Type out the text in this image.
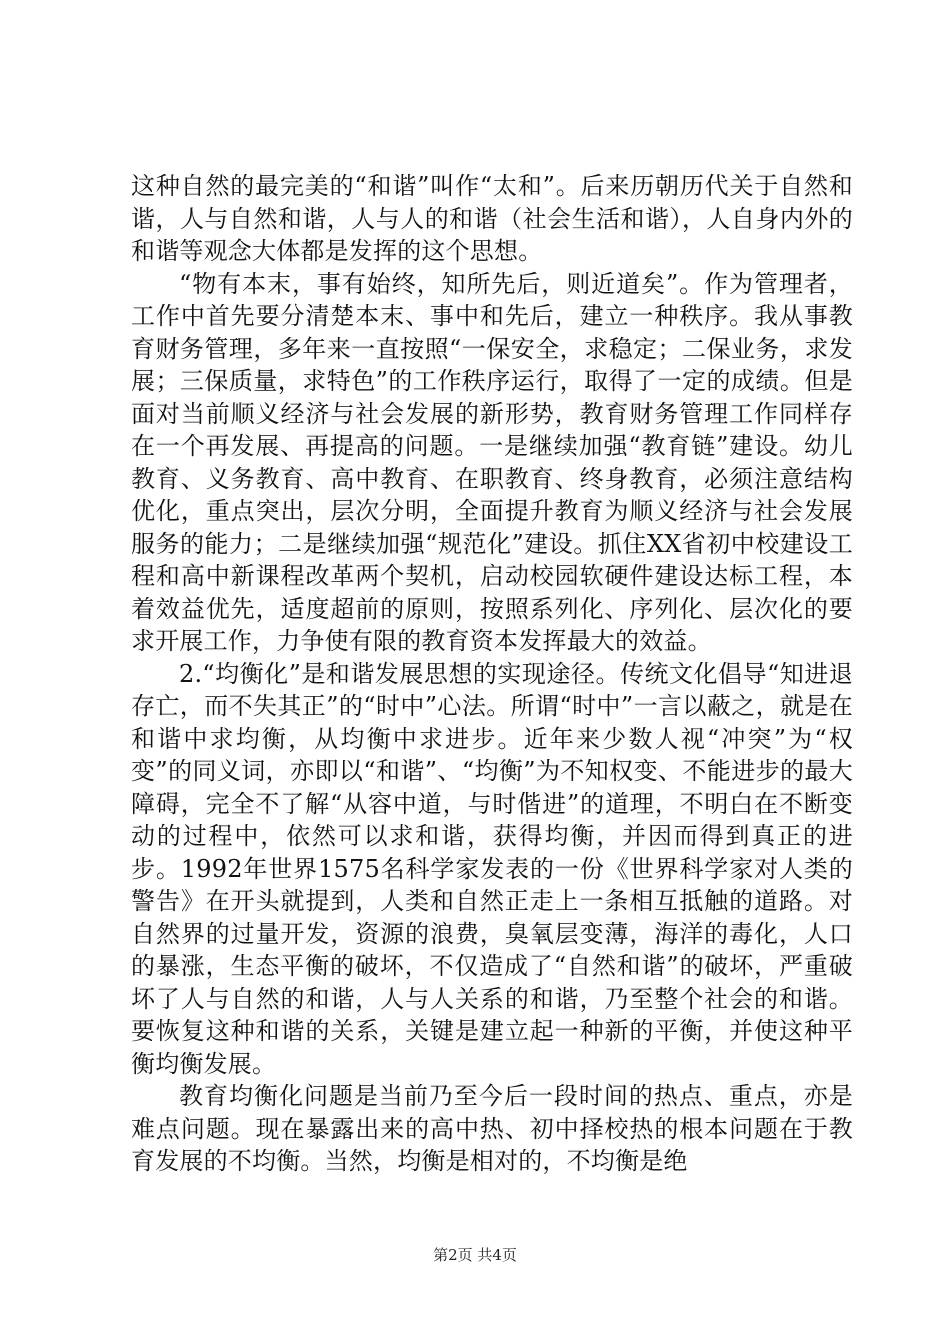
这种自然的最完美的“和谐”叫作“太和”。后来历朝历代关于自然和谐，人与自然和谐，人与人的和谐（社会生活和谐），人自身内外的和谐等观念大体都是发挥的这个思想。

“物有本末，事有始终，知所先后，则近道矣”。作为管理者，工作中首先要分清楚本末、事中和先后，建立一种秩序。我从事教育财务管理，多年来一直按照“一保安全，求稳定；二保业务，求发展；三保质量，求特色”的工作秩序运行，取得了一定的成绩。但是面对当前顺义经济与社会发展的新形势，教育财务管理工作同样存在一个再发展、再提高的问题。一是继续加强“教育链”建设。幼儿教育、义务教育、高中教育、在职教育、终身教育，必须注意结构优化，重点突出，层次分明，全面提升教育为顺义经济与社会发展服务的能力；二是继续加强“规范化”建设。抓住XX省初中校建设工程和高中新课程改革两个契机，启动校园软硬件建设达标工程，本着效益优先，适度超前的原则，按照系列化、序列化、层次化的要求开展工作，力争使有限的教育资本发挥最大的效益。

2.“均衡化”是和谐发展思想的实现途径。传统文化倡导“知进退存亡，而不失其正”的“时中”心法。所谓“时中”一言以蔽之，就是在和谐中求均衡，从均衡中求进步。近年来少数人视“冲突”为“权变”的同义词，亦即以“和谐”、“均衡”为不知权变、不能进步的最大障碍，完全不了解“从容中道，与时偕进”的道理，不明白在不断变动的过程中，依然可以求和谐，获得均衡，并因而得到真正的进步。1992年世界1575名科学家发表的一份《世界科学家对人类的警告》在开头就提到，人类和自然正走上一条相互抵触的道路。对自然界的过量开发，资源的浪费，臭氧层变薄，海洋的毒化，人口的暴涨，生态平衡的破坏，不仅造成了“自然和谐”的破坏，严重破坏了人与自然的和谐，人与人关系的和谐，乃至整个社会的和谐。要恢复这种和谐的关系，关键是建立起一种新的平衡，并使这种平衡均衡发展。

教育均衡化问题是当前乃至今后一段时间的热点、重点，亦是难点问题。现在暴露出来的高中热、初中择校热的根本问题在于教育发展的不均衡。当然，均衡是相对的，不均衡是绝

第2页 共4页
